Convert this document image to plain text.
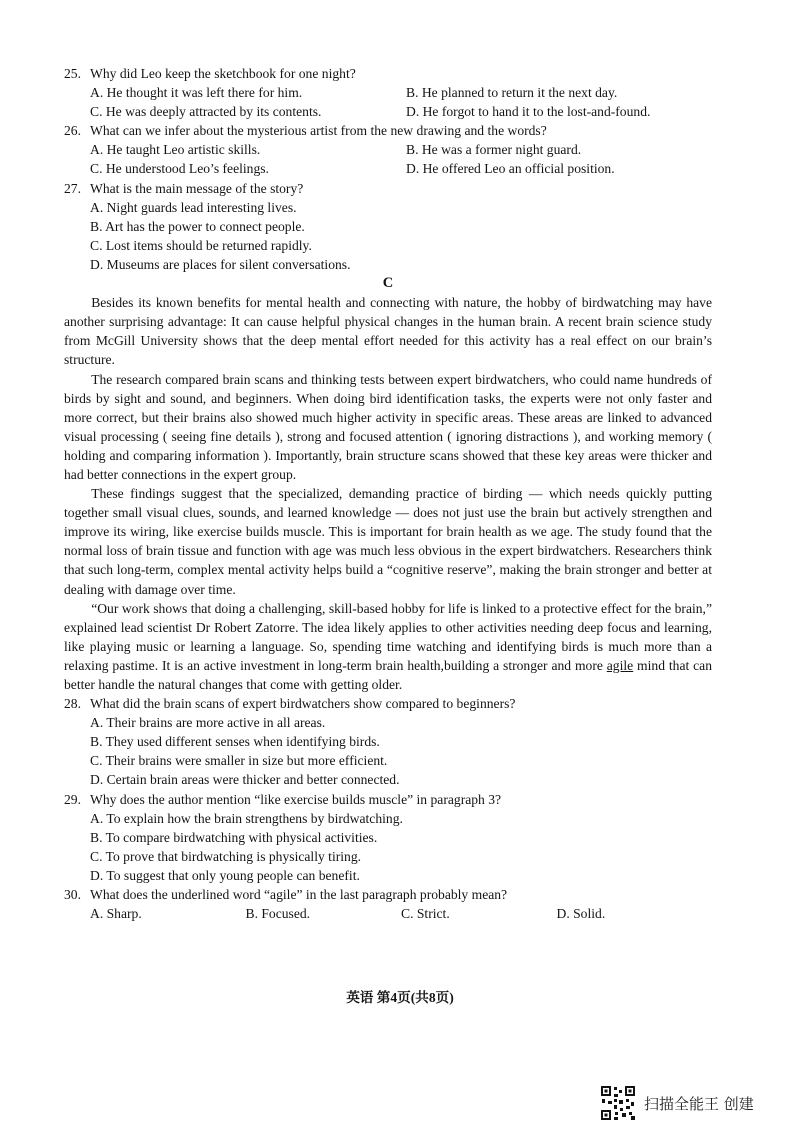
25. Why did Leo keep the sketchbook for one night?
A. He thought it was left there for him.	B. He planned to return it the next day.
C. He was deeply attracted by its contents.	D. He forgot to hand it to the lost-and-found.
26. What can we infer about the mysterious artist from the new drawing and the words?
A. He taught Leo artistic skills.	B. He was a former night guard.
C. He understood Leo’s feelings.	D. He offered Leo an official position.
27. What is the main message of the story?
A. Night guards lead interesting lives.
B. Art has the power to connect people.
C. Lost items should be returned rapidly.
D. Museums are places for silent conversations.
C

Besides its known benefits for mental health and connecting with nature, the hobby of birdwatching may have another surprising advantage: It can cause helpful physical changes in the human brain. A recent brain science study from McGill University shows that the deep mental effort needed for this activity has a real effect on our brain’s structure.

The research compared brain scans and thinking tests between expert birdwatchers, who could name hundreds of birds by sight and sound, and beginners. When doing bird identification tasks, the experts were not only faster and more correct, but their brains also showed much higher activity in specific areas. These areas are linked to advanced visual processing ( seeing fine details ), strong and focused attention ( ignoring distractions ), and working memory ( holding and comparing information ). Importantly, brain structure scans showed that these key areas were thicker and had better connections in the expert group.

These findings suggest that the specialized, demanding practice of birding — which needs quickly putting together small visual clues, sounds, and learned knowledge — does not just use the brain but actively strengthen and improve its wiring, like exercise builds muscle. This is important for brain health as we age. The study found that the normal loss of brain tissue and function with age was much less obvious in the expert birdwatchers. Researchers think that such long-term, complex mental activity helps build a “cognitive reserve”, making the brain stronger and better at dealing with damage over time.

“Our work shows that doing a challenging, skill-based hobby for life is linked to a protective effect for the brain,” explained lead scientist Dr Robert Zatorre. The idea likely applies to other activities needing deep focus and learning, like playing music or learning a language. So, spending time watching and identifying birds is much more than a relaxing pastime. It is an active investment in long-term brain health,building a stronger and more agile mind that can better handle the natural changes that come with getting older.

28. What did the brain scans of expert birdwatchers show compared to beginners?
A. Their brains are more active in all areas.
B. They used different senses when identifying birds.
C. Their brains were smaller in size but more efficient.
D. Certain brain areas were thicker and better connected.
29. Why does the author mention “like exercise builds muscle” in paragraph 3?
A. To explain how the brain strengthens by birdwatching.
B. To compare birdwatching with physical activities.
C. To prove that birdwatching is physically tiring.
D. To suggest that only young people can benefit.
30. What does the underlined word “agile” in the last paragraph probably mean?
A. Sharp.	B. Focused.	C. Strict.	D. Solid.
英语 第4页(共8页)
扫描全能王 创建
